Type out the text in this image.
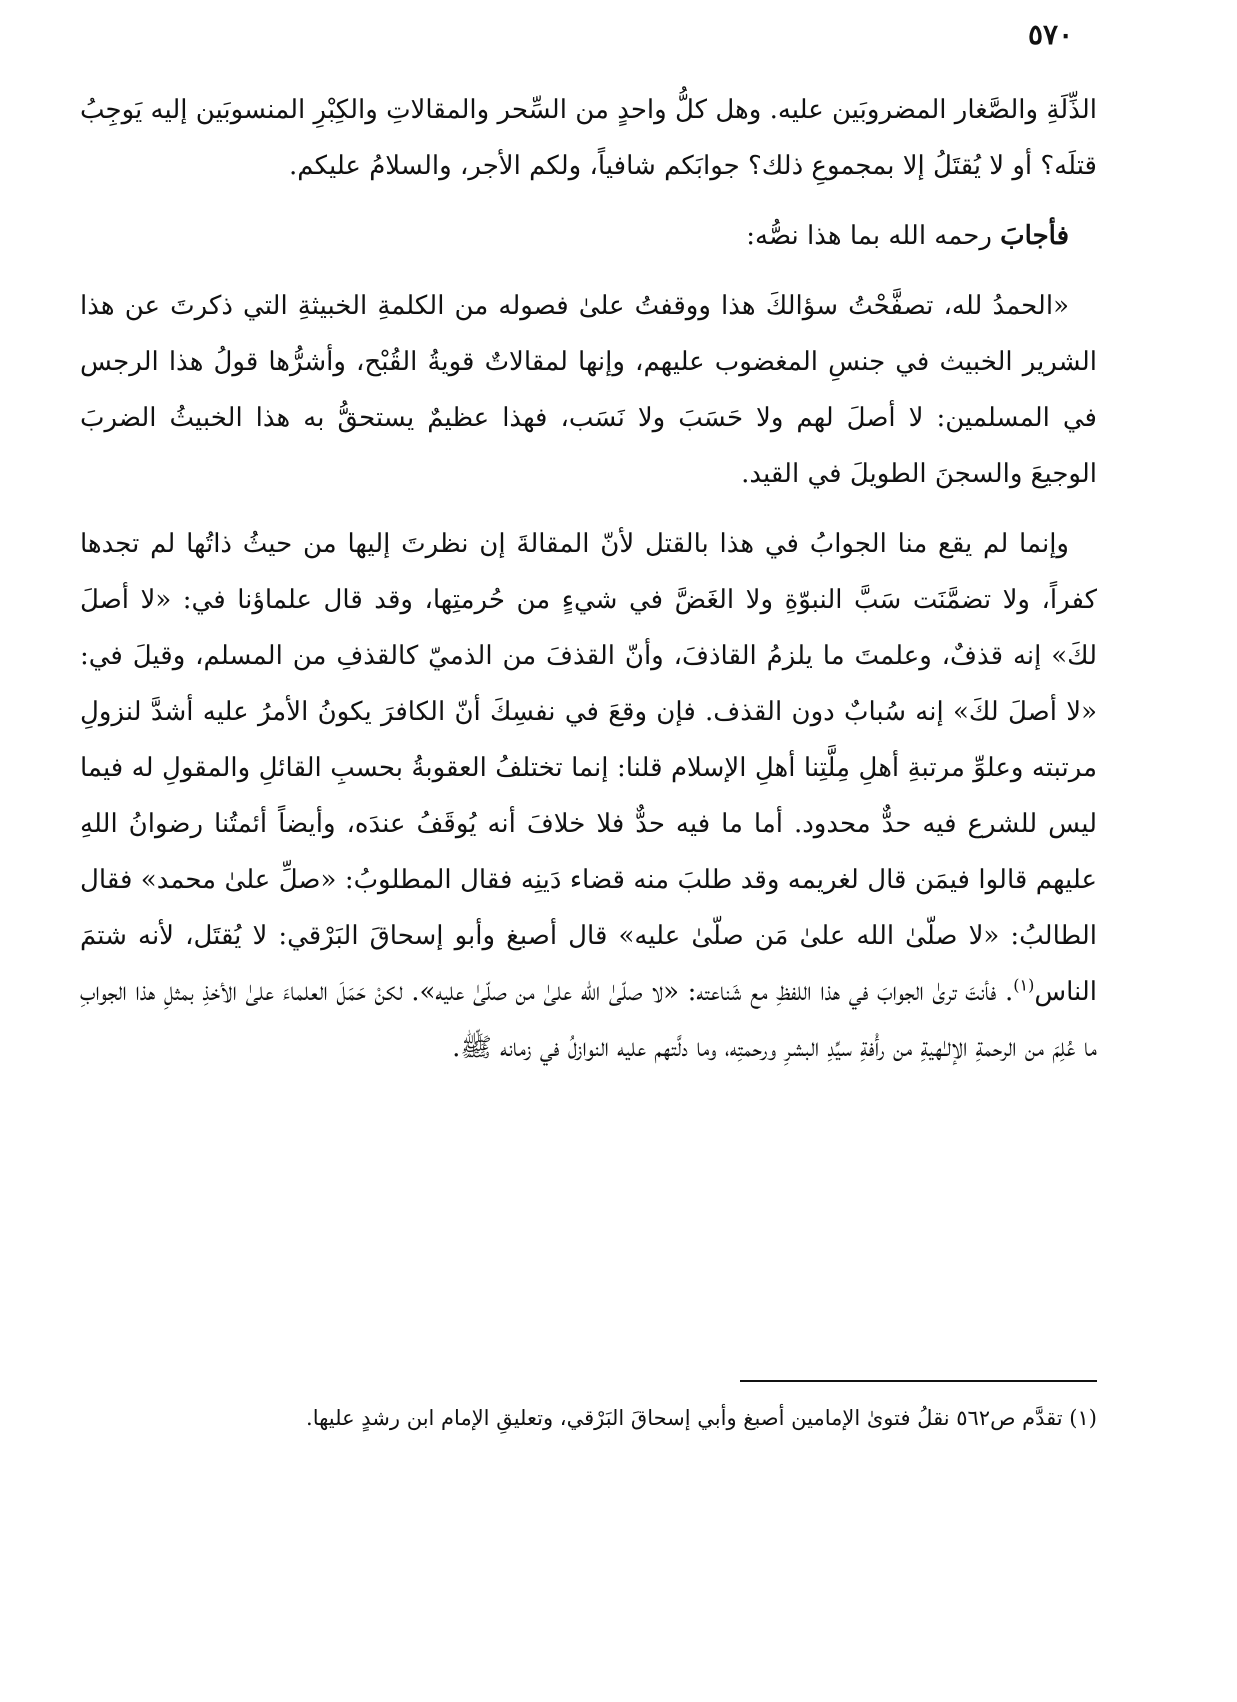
٥٧٠

الذِّلَةِ والصَّغار المضروبَين عليه. وهل كلُّ واحدٍ من السِّحر والمقالاتِ والكِبْرِ المنسوبَين إليه يَوجِبُ قتلَه؟ أو لا يُقتَلُ إلا بمجموعِ ذلك؟ جوابَكم شافياً، ولكم الأجر، والسلامُ عليكم.

فأجابَ رحمه الله بما هذا نصُّه:

«الحمدُ لله، تصفَّحْتُ سؤالكَ هذا ووقفتُ علىٰ فصوله من الكلمةِ الخبيثةِ التي ذكرتَ عن هذا الشرير الخبيث في جنسِ المغضوب عليهم، وإنها لمقالاتٌ قويةُ القُبْح، وأشرُّها قولُ هذا الرجس في المسلمين: لا أصلَ لهم ولا حَسَبَ ولا نَسَب، فهذا عظيمٌ يستحقُّ به هذا الخبيثُ الضربَ الوجيعَ والسجنَ الطويلَ في القيد.

وإنما لم يقع منا الجوابُ في هذا بالقتل لأنّ المقالةَ إن نظرتَ إليها من حيثُ ذاتُها لم تجدها كفراً، ولا تضمَّنَت سَبَّ النبوّةِ ولا الغَضَّ في شيءٍ من حُرمتِها، وقد قال علماؤنا في: «لا أصلَ لكَ» إنه قذفٌ، وعلمتَ ما يلزمُ القاذفَ، وأنّ القذفَ من الذميّ كالقذفِ من المسلم، وقيلَ في: «لا أصلَ لكَ» إنه سُبابٌ دون القذف. فإن وقعَ في نفسِكَ أنّ الكافرَ يكونُ الأمرُ عليه أشدَّ لنزولِ مرتبته وعلوِّ مرتبةِ أهلِ مِلَّتِنا أهلِ الإسلام قلنا: إنما تختلفُ العقوبةُ بحسبِ القائلِ والمقولِ له فيما ليس للشرع فيه حدٌّ محدود. أما ما فيه حدٌّ فلا خلافَ أنه يُوقَفُ عندَه، وأيضاً أئمتُنا رضوانُ اللهِ عليهم قالوا فيمَن قال لغريمه وقد طلبَ منه قضاء دَينِه فقال المطلوبُ: «صلِّ علىٰ محمد» فقال الطالبُ: «لا صلّىٰ الله علىٰ مَن صلّىٰ عليه» قال أصبغ وأبو إسحاقَ البَرْقي: لا يُقتَل، لأنه شتمَ الناس$^{(١)}$. فأنتَ ترىٰ الجوابَ في هذا اللفظِ مع شَناعته: «لا صلّىٰ الله علىٰ من صلّىٰ عليه». لكنْ حَمَلَ العلماءَ علىٰ الأخذِ بمثلِ هذا الجوابِ ما عُلِمَ من الرحمةِ الإلـٰهيةِ من رأْفةِ سيِّدِ البشرِ ورحمتِه، وما دلَّتهم عليه النوازلُ في زمانه ﷺ.

(١) تقدَّم ص٥٦٢ نقلُ فتوىٰ الإمامين أصبغ وأبي إسحاقَ البَرْقي، وتعليقِ الإمام ابن رشدٍ عليها.
